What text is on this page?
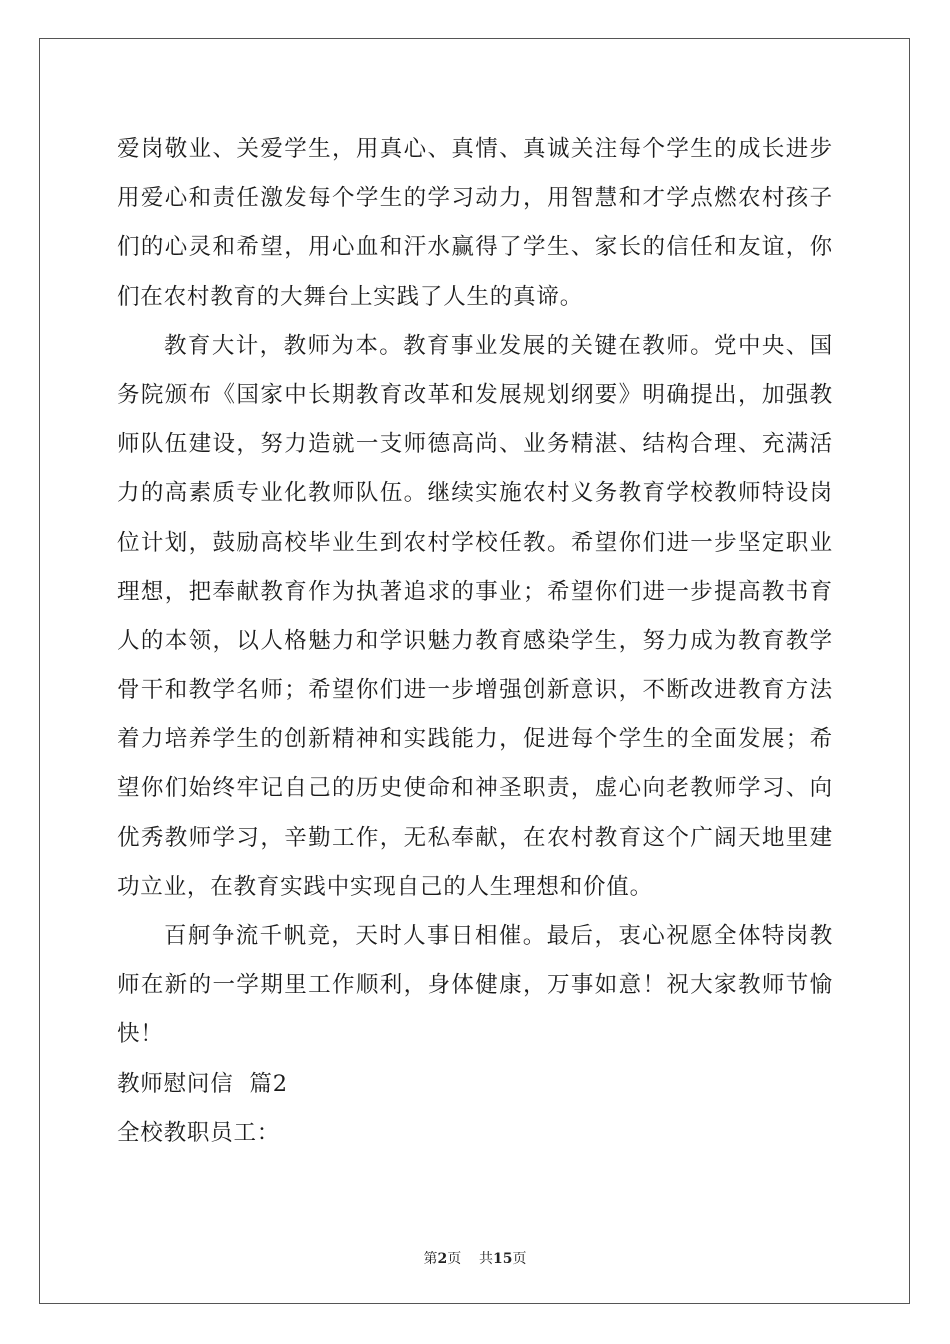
爱岗敬业、关爱学生，用真心、真情、真诚关注每个学生的成长进步
用爱心和责任激发每个学生的学习动力，用智慧和才学点燃农村孩子
们的心灵和希望，用心血和汗水赢得了学生、家长的信任和友谊，你
们在农村教育的大舞台上实践了人生的真谛。
教育大计，教师为本。教育事业发展的关键在教师。党中央、国
务院颁布《国家中长期教育改革和发展规划纲要》明确提出，加强教
师队伍建设，努力造就一支师德高尚、业务精湛、结构合理、充满活
力的高素质专业化教师队伍。继续实施农村义务教育学校教师特设岗
位计划，鼓励高校毕业生到农村学校任教。希望你们进一步坚定职业
理想，把奉献教育作为执著追求的事业；希望你们进一步提高教书育
人的本领，以人格魅力和学识魅力教育感染学生，努力成为教育教学
骨干和教学名师；希望你们进一步增强创新意识，不断改进教育方法
着力培养学生的创新精神和实践能力，促进每个学生的全面发展；希
望你们始终牢记自己的历史使命和神圣职责，虚心向老教师学习、向
优秀教师学习，辛勤工作，无私奉献，在农村教育这个广阔天地里建
功立业，在教育实践中实现自己的人生理想和价值。
百舸争流千帆竞，天时人事日相催。最后，衷心祝愿全体特岗教
师在新的一学期里工作顺利，身体健康，万事如意！祝大家教师节愉
快！
教师慰问信  篇2
全校教职员工：
第2页 共15页
